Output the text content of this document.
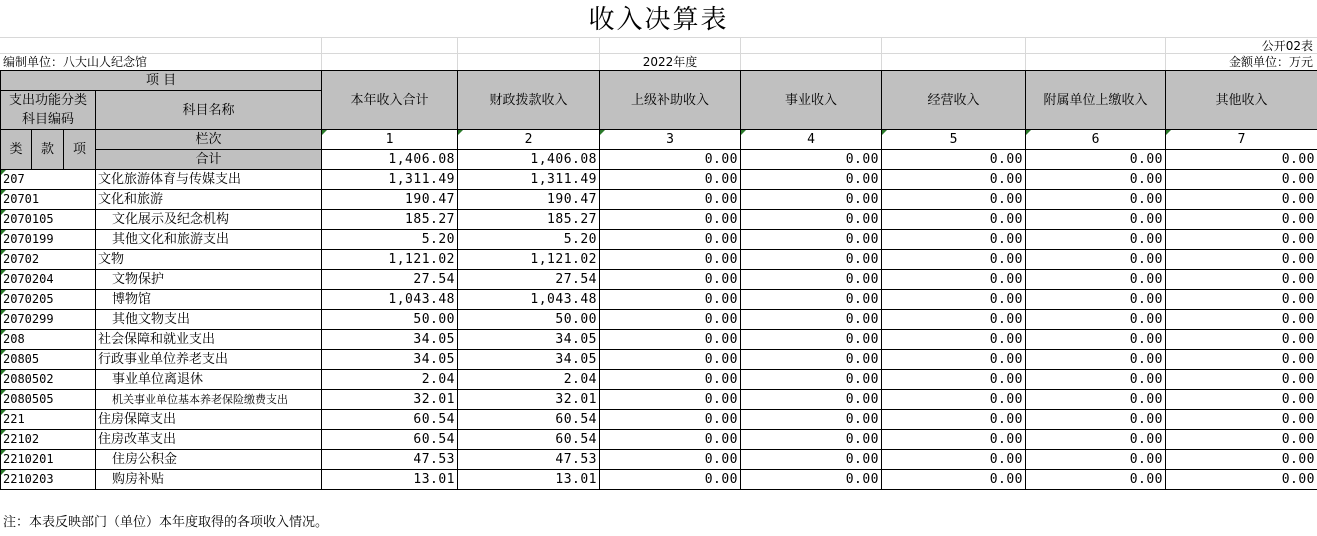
收入决算表
公开02表
编制单位：八大山人纪念馆	2022年度	金额单位：万元
项 目				本年收入合计	财政拨款收入	上级补助收入	事业收入	经营收入	附属单位上缴收入	其他收入
支出功能分类科目编码			科目名称							

类	款	项	栏次	1	2	3	4	5	6	7
			合计	1,406.08	1,406.08	0.00	0.00	0.00	0.00	0.00

207			文化旅游体育与传媒支出	1,311.49	1,311.49	0.00	0.00	0.00	0.00	0.00

20701			文化和旅游	190.47	190.47	0.00	0.00	0.00	0.00	0.00

2070105			文化展示及纪念机构	185.27	185.27	0.00	0.00	0.00	0.00	0.00

2070199			其他文化和旅游支出	5.20	5.20	0.00	0.00	0.00	0.00	0.00

20702			文物	1,121.02	1,121.02	0.00	0.00	0.00	0.00	0.00

2070204			文物保护	27.54	27.54	0.00	0.00	0.00	0.00	0.00

2070205			博物馆	1,043.48	1,043.48	0.00	0.00	0.00	0.00	0.00

2070299			其他文物支出	50.00	50.00	0.00	0.00	0.00	0.00	0.00

208			社会保障和就业支出	34.05	34.05	0.00	0.00	0.00	0.00	0.00

20805			行政事业单位养老支出	34.05	34.05	0.00	0.00	0.00	0.00	0.00

2080502			事业单位离退休	2.04	2.04	0.00	0.00	0.00	0.00	0.00

2080505			机关事业单位基本养老保险缴费支出	32.01	32.01	0.00	0.00	0.00	0.00	0.00

221			住房保障支出	60.54	60.54	0.00	0.00	0.00	0.00	0.00

22102			住房改革支出	60.54	60.54	0.00	0.00	0.00	0.00	0.00

2210201			住房公积金	47.53	47.53	0.00	0.00	0.00	0.00	0.00

2210203			购房补贴	13.01	13.01	0.00	0.00	0.00	0.00	0.00
注：本表反映部门（单位）本年度取得的各项收入情况。
